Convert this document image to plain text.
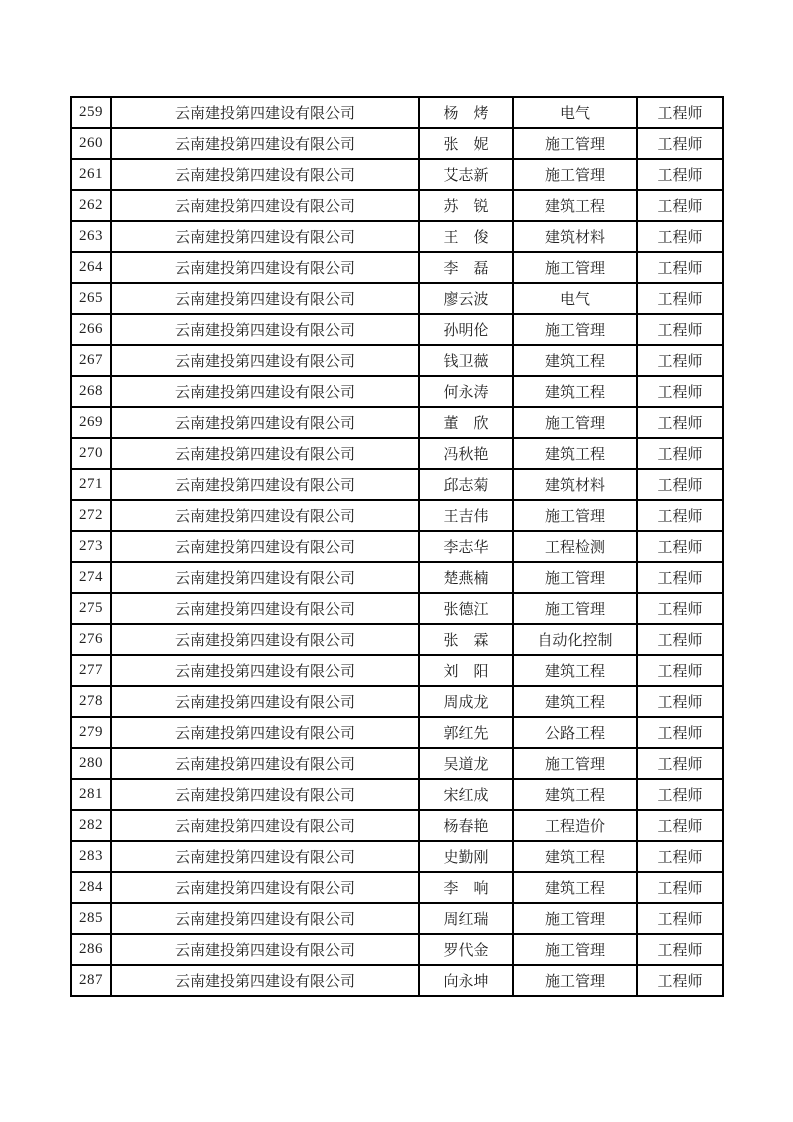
259	云南建投第四建设有限公司	杨　烤	电气	工程师
260	云南建投第四建设有限公司	张　妮	施工管理	工程师
261	云南建投第四建设有限公司	艾志新	施工管理	工程师
262	云南建投第四建设有限公司	苏　锐	建筑工程	工程师
263	云南建投第四建设有限公司	王　俊	建筑材料	工程师
264	云南建投第四建设有限公司	李　磊	施工管理	工程师
265	云南建投第四建设有限公司	廖云波	电气	工程师
266	云南建投第四建设有限公司	孙明伦	施工管理	工程师
267	云南建投第四建设有限公司	钱卫薇	建筑工程	工程师
268	云南建投第四建设有限公司	何永涛	建筑工程	工程师
269	云南建投第四建设有限公司	董　欣	施工管理	工程师
270	云南建投第四建设有限公司	冯秋艳	建筑工程	工程师
271	云南建投第四建设有限公司	邱志菊	建筑材料	工程师
272	云南建投第四建设有限公司	王吉伟	施工管理	工程师
273	云南建投第四建设有限公司	李志华	工程检测	工程师
274	云南建投第四建设有限公司	楚燕楠	施工管理	工程师
275	云南建投第四建设有限公司	张德江	施工管理	工程师
276	云南建投第四建设有限公司	张　霖	自动化控制	工程师
277	云南建投第四建设有限公司	刘　阳	建筑工程	工程师
278	云南建投第四建设有限公司	周成龙	建筑工程	工程师
279	云南建投第四建设有限公司	郭红先	公路工程	工程师
280	云南建投第四建设有限公司	吴道龙	施工管理	工程师
281	云南建投第四建设有限公司	宋红成	建筑工程	工程师
282	云南建投第四建设有限公司	杨春艳	工程造价	工程师
283	云南建投第四建设有限公司	史勤刚	建筑工程	工程师
284	云南建投第四建设有限公司	李　响	建筑工程	工程师
285	云南建投第四建设有限公司	周红瑞	施工管理	工程师
286	云南建投第四建设有限公司	罗代金	施工管理	工程师
287	云南建投第四建设有限公司	向永坤	施工管理	工程师
